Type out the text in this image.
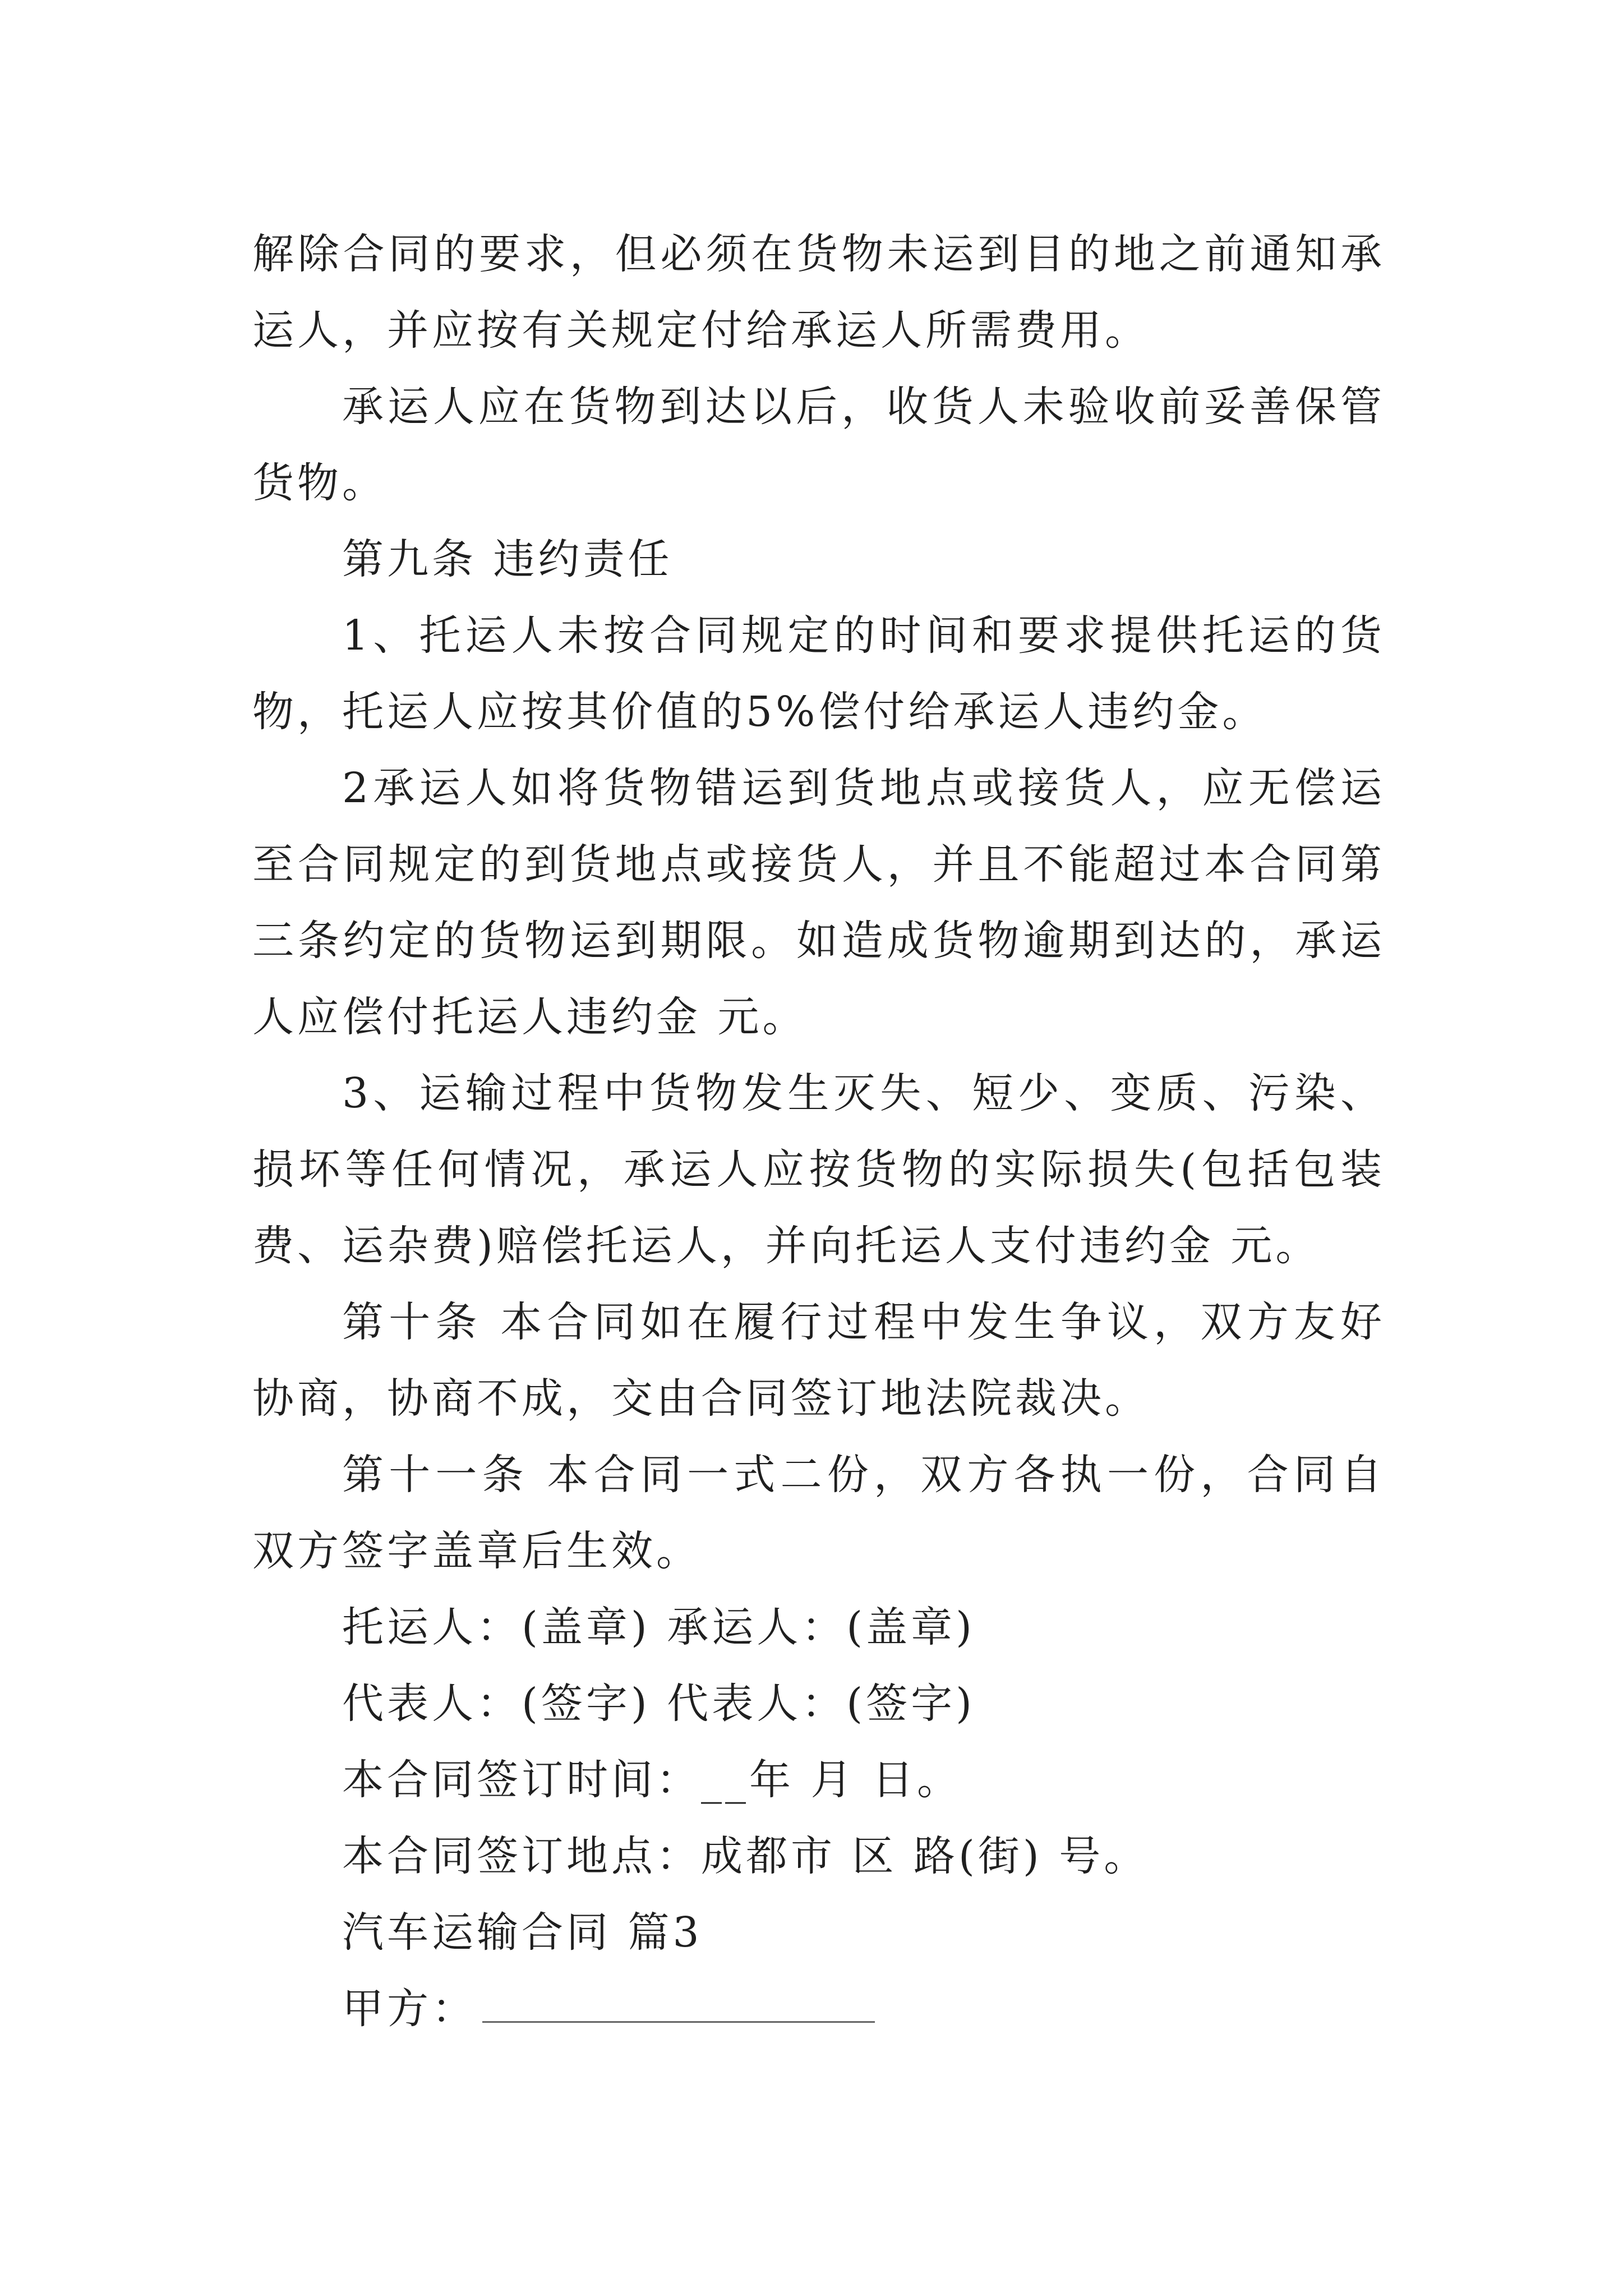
解除合同的要求，但必须在货物未运到目的地之前通知承运人，并应按有关规定付给承运人所需费用。

承运人应在货物到达以后，收货人未验收前妥善保管货物。

第九条 违约责任

1、托运人未按合同规定的时间和要求提供托运的货物，托运人应按其价值的5%偿付给承运人违约金。

2承运人如将货物错运到货地点或接货人，应无偿运至合同规定的到货地点或接货人，并且不能超过本合同第三条约定的货物运到期限。如造成货物逾期到达的，承运人应偿付托运人违约金 元。

3、运输过程中货物发生灭失、短少、变质、污染、损坏等任何情况，承运人应按货物的实际损失(包括包装费、运杂费)赔偿托运人，并向托运人支付违约金 元。

第十条 本合同如在履行过程中发生争议，双方友好协商，协商不成，交由合同签订地法院裁决。

第十一条 本合同一式二份，双方各执一份，合同自双方签字盖章后生效。

托运人：(盖章) 承运人：(盖章)

代表人：(签字) 代表人：(签字)

本合同签订时间：__年 月 日。

本合同签订地点：成都市 区 路(街) 号。

汽车运输合同 篇3

甲方：
